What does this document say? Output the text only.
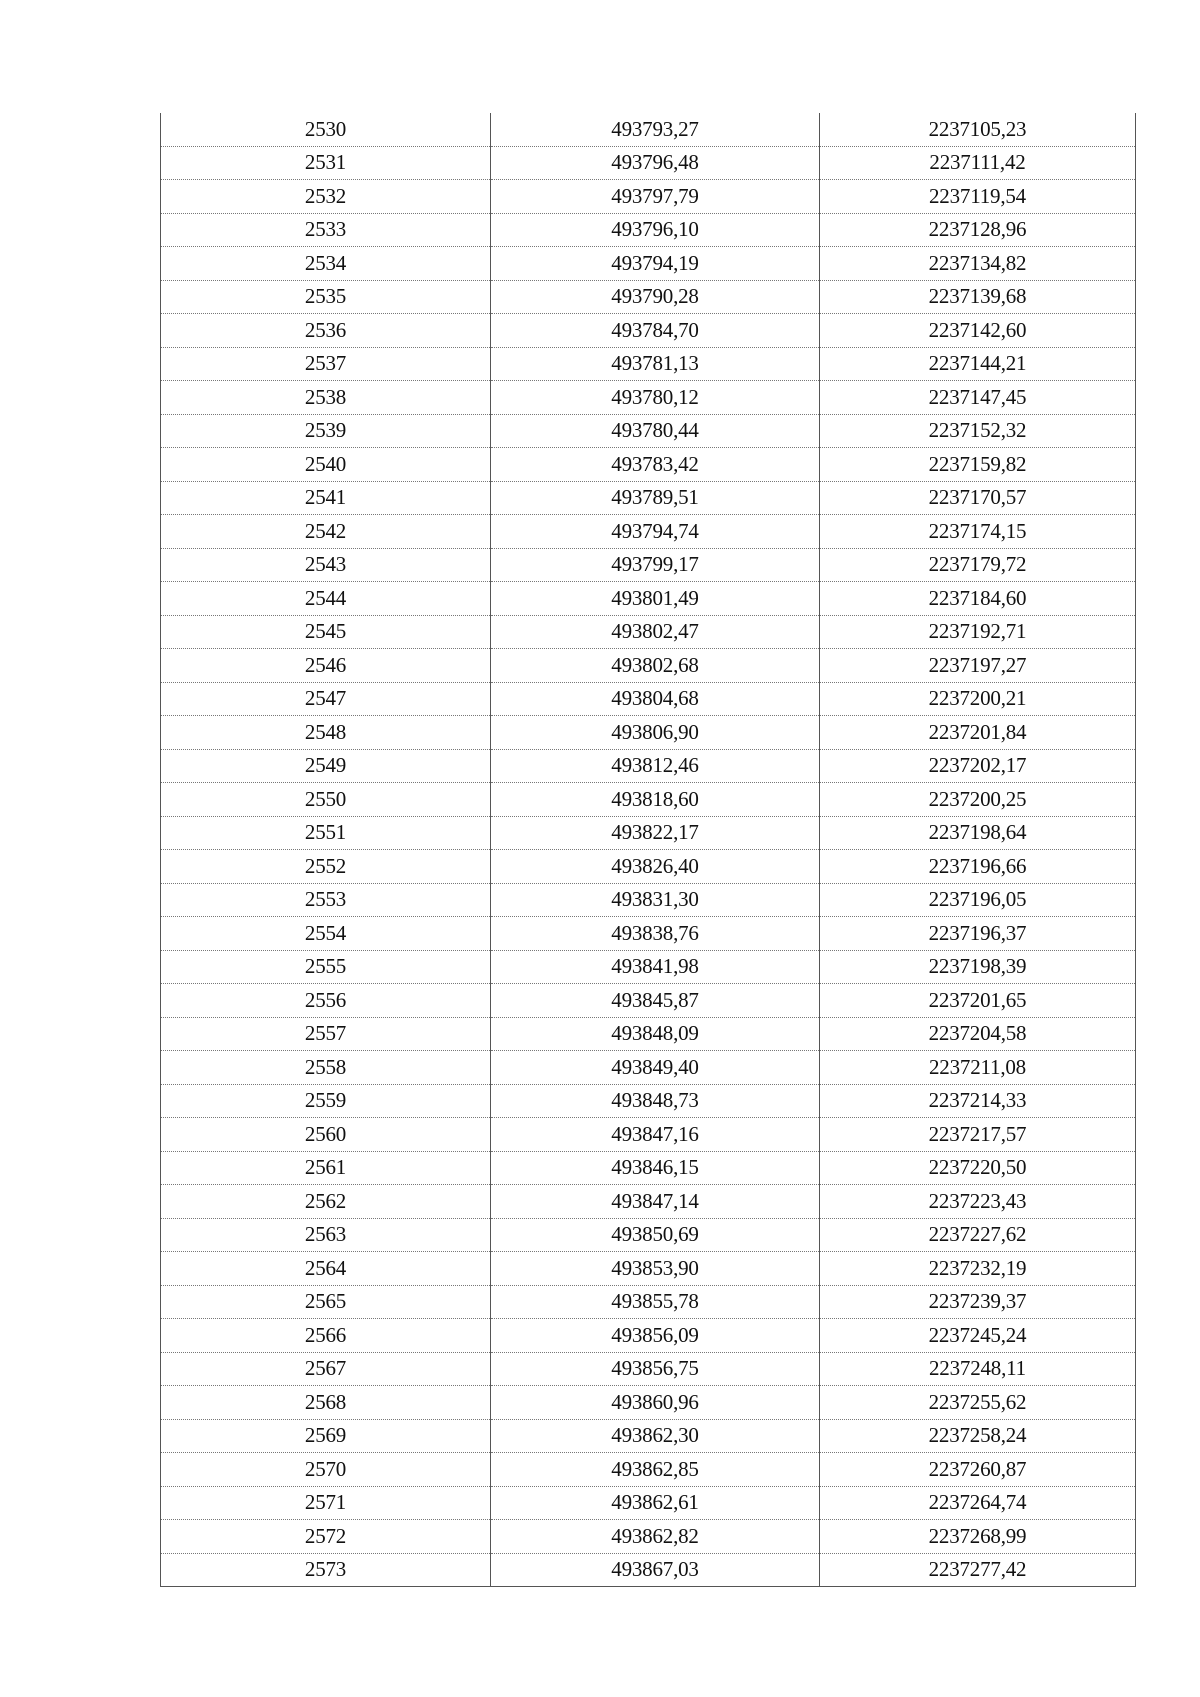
2530	493793,27	2237105,23
2531	493796,48	2237111,42
2532	493797,79	2237119,54
2533	493796,10	2237128,96
2534	493794,19	2237134,82
2535	493790,28	2237139,68
2536	493784,70	2237142,60
2537	493781,13	2237144,21
2538	493780,12	2237147,45
2539	493780,44	2237152,32
2540	493783,42	2237159,82
2541	493789,51	2237170,57
2542	493794,74	2237174,15
2543	493799,17	2237179,72
2544	493801,49	2237184,60
2545	493802,47	2237192,71
2546	493802,68	2237197,27
2547	493804,68	2237200,21
2548	493806,90	2237201,84
2549	493812,46	2237202,17
2550	493818,60	2237200,25
2551	493822,17	2237198,64
2552	493826,40	2237196,66
2553	493831,30	2237196,05
2554	493838,76	2237196,37
2555	493841,98	2237198,39
2556	493845,87	2237201,65
2557	493848,09	2237204,58
2558	493849,40	2237211,08
2559	493848,73	2237214,33
2560	493847,16	2237217,57
2561	493846,15	2237220,50
2562	493847,14	2237223,43
2563	493850,69	2237227,62
2564	493853,90	2237232,19
2565	493855,78	2237239,37
2566	493856,09	2237245,24
2567	493856,75	2237248,11
2568	493860,96	2237255,62
2569	493862,30	2237258,24
2570	493862,85	2237260,87
2571	493862,61	2237264,74
2572	493862,82	2237268,99
2573	493867,03	2237277,42
